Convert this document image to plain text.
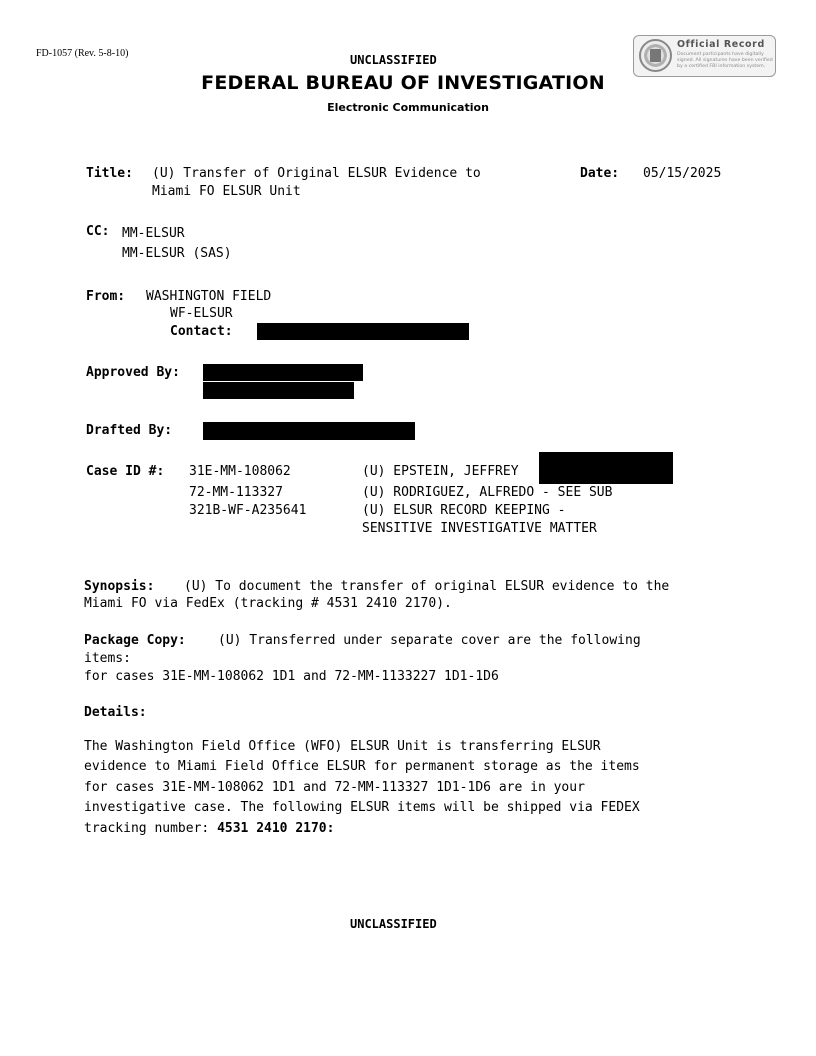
FD-1057 (Rev. 5-8-10)	UNCLASSIFIED
FEDERAL BUREAU OF INVESTIGATION
Electronic Communication
Official Record
Document participants have digitally signed. All signatures have been verified by a certified FBI information system.
Title: (U) Transfer of Original ELSUR Evidence to
Miami FO ELSUR Unit
Date: 05/15/2025
CC: MM-ELSUR
MM-ELSUR (SAS)
From: WASHINGTON FIELD
WF-ELSUR
Contact:
Approved By:
Drafted By:
Case ID #: 31E-MM-108062	(U) EPSTEIN, JEFFREY
72-MM-113327	(U) RODRIGUEZ, ALFREDO - SEE SUB
321B-WF-A235641	(U) ELSUR RECORD KEEPING -
SENSITIVE INVESTIGATIVE MATTER
Synopsis: (U) To document the transfer of original ELSUR evidence to the
Miami FO via FedEx (tracking # 4531 2410 2170).
Package Copy: (U) Transferred under separate cover are the following
items:
for cases 31E-MM-108062 1D1 and 72-MM-1133227 1D1-1D6
Details:
The Washington Field Office (WFO) ELSUR Unit is transferring ELSUR
evidence to Miami Field Office ELSUR for permanent storage as the items
for cases 31E-MM-108062 1D1 and 72-MM-113327 1D1-1D6 are in your
investigative case. The following ELSUR items will be shipped via FEDEX
tracking number: 4531 2410 2170:
UNCLASSIFIED
